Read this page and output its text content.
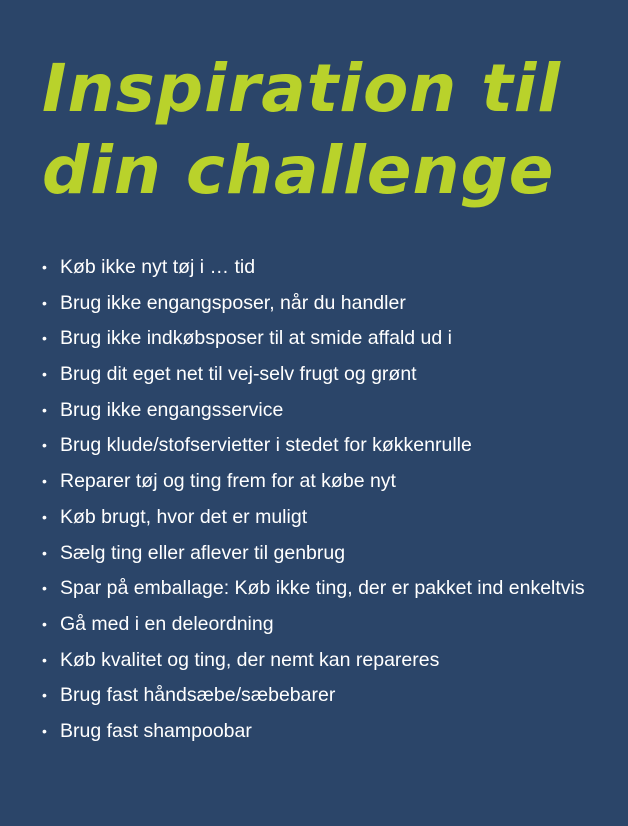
Inspiration til
din challenge
• Køb ikke nyt tøj i … tid
• Brug ikke engangsposer, når du handler
• Brug ikke indkøbsposer til at smide affald ud i
• Brug dit eget net til vej-selv frugt og grønt
• Brug ikke engangsservice
• Brug klude/stofservietter i stedet for køkkenrulle
• Reparer tøj og ting frem for at købe nyt
• Køb brugt, hvor det er muligt
• Sælg ting eller aflever til genbrug
• Spar på emballage: Køb ikke ting, der er pakket ind enkeltvis
• Gå med i en deleordning
• Køb kvalitet og ting, der nemt kan repareres
• Brug fast håndsæbe/sæbebarer
• Brug fast shampoobar
